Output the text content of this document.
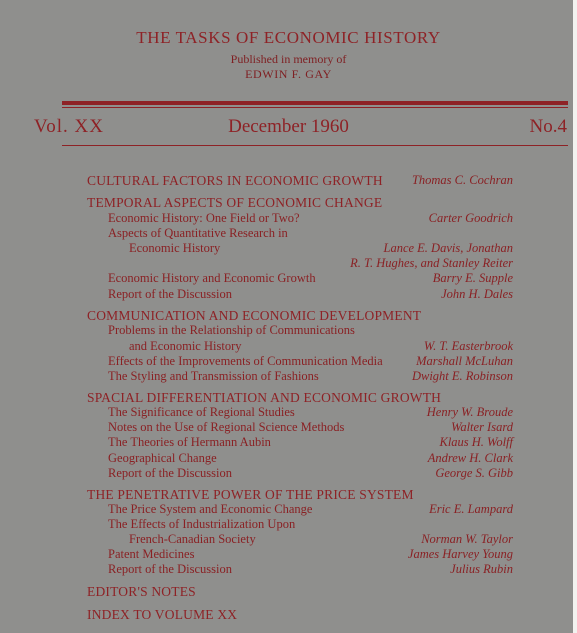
THE TASKS OF ECONOMIC HISTORY
Published in memory of
EDWIN F. GAY
Vol. XX	December 1960	No.4
CULTURAL FACTORS IN ECONOMIC GROWTH Thomas C. Cochran
TEMPORAL ASPECTS OF ECONOMIC CHANGE
Economic History: One Field or Two?	Carter Goodrich
Aspects of Quantitative Research in
Economic History	Lance E. Davis, Jonathan
R. T. Hughes, and Stanley Reiter
Economic History and Economic Growth	Barry E. Supple
Report of the Discussion	John H. Dales
COMMUNICATION AND ECONOMIC DEVELOPMENT
Problems in the Relationship of Communications
and Economic History	W. T. Easterbrook
Effects of the Improvements of Communication Media	Marshall McLuhan
The Styling and Transmission of Fashions	Dwight E. Robinson
SPACIAL DIFFERENTIATION AND ECONOMIC GROWTH
The Significance of Regional Studies	Henry W. Broude
Notes on the Use of Regional Science Methods	Walter Isard
The Theories of Hermann Aubin	Klaus H. Wolff
Geographical Change	Andrew H. Clark
Report of the Discussion	George S. Gibb
THE PENETRATIVE POWER OF THE PRICE SYSTEM
The Price System and Economic Change	Eric E. Lampard
The Effects of Industrialization Upon
French-Canadian Society	Norman W. Taylor
Patent Medicines	James Harvey Young
Report of the Discussion	Julius Rubin
EDITOR'S NOTES
INDEX TO VOLUME XX
